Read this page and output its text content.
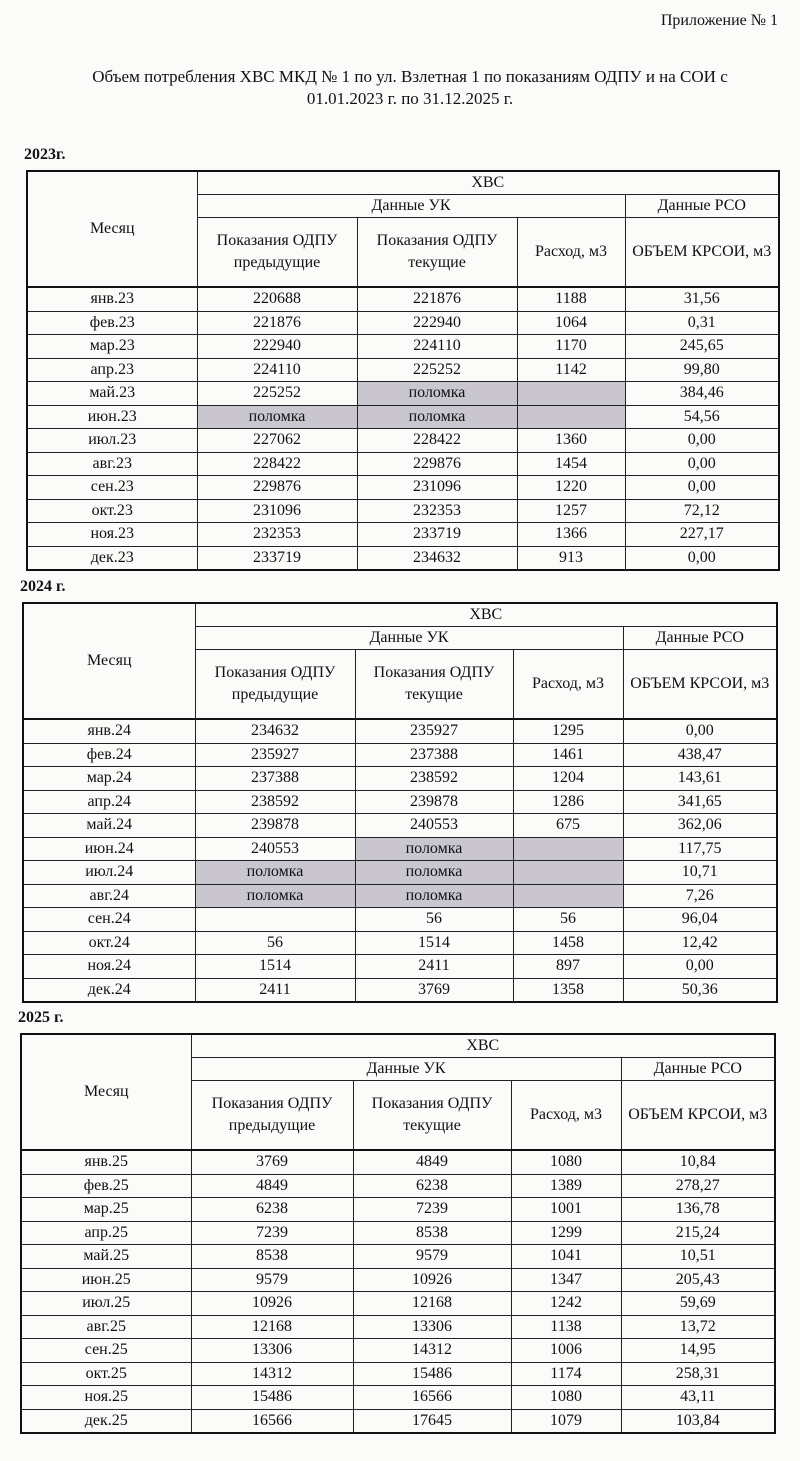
Приложение № 1
Объем потребления ХВС МКД № 1 по ул. Взлетная 1 по показаниям ОДПУ и на СОИ с
01.01.2023 г. по 31.12.2025 г.
2023г.
Месяц	ХВС			
	Данные УК			Данные РСО
	Показания ОДПУ предыдущие	Показания ОДПУ текущие	Расход, м3	ОБЪЕМ КРСОИ, м3
янв.23	220688	221876	1188	31,56
фев.23	221876	222940	1064	0,31
мар.23	222940	224110	1170	245,65
апр.23	224110	225252	1142	99,80
май.23	225252	поломка		384,46
июн.23	поломка	поломка		54,56
июл.23	227062	228422	1360	0,00
авг.23	228422	229876	1454	0,00
сен.23	229876	231096	1220	0,00
окт.23	231096	232353	1257	72,12
ноя.23	232353	233719	1366	227,17
дек.23	233719	234632	913	0,00
2024 г.
Месяц	ХВС			
	Данные УК			Данные РСО
	Показания ОДПУ предыдущие	Показания ОДПУ текущие	Расход, м3	ОБЪЕМ КРСОИ, м3
янв.24	234632	235927	1295	0,00
фев.24	235927	237388	1461	438,47
мар.24	237388	238592	1204	143,61
апр.24	238592	239878	1286	341,65
май.24	239878	240553	675	362,06
июн.24	240553	поломка		117,75
июл.24	поломка	поломка		10,71
авг.24	поломка	поломка		7,26
сен.24		56	56	96,04
окт.24	56	1514	1458	12,42
ноя.24	1514	2411	897	0,00
дек.24	2411	3769	1358	50,36
2025 г.
Месяц	ХВС			
	Данные УК			Данные РСО
	Показания ОДПУ предыдущие	Показания ОДПУ текущие	Расход, м3	ОБЪЕМ КРСОИ, м3
янв.25	3769	4849	1080	10,84
фев.25	4849	6238	1389	278,27
мар.25	6238	7239	1001	136,78
апр.25	7239	8538	1299	215,24
май.25	8538	9579	1041	10,51
июн.25	9579	10926	1347	205,43
июл.25	10926	12168	1242	59,69
авг.25	12168	13306	1138	13,72
сен.25	13306	14312	1006	14,95
окт.25	14312	15486	1174	258,31
ноя.25	15486	16566	1080	43,11
дек.25	16566	17645	1079	103,84
